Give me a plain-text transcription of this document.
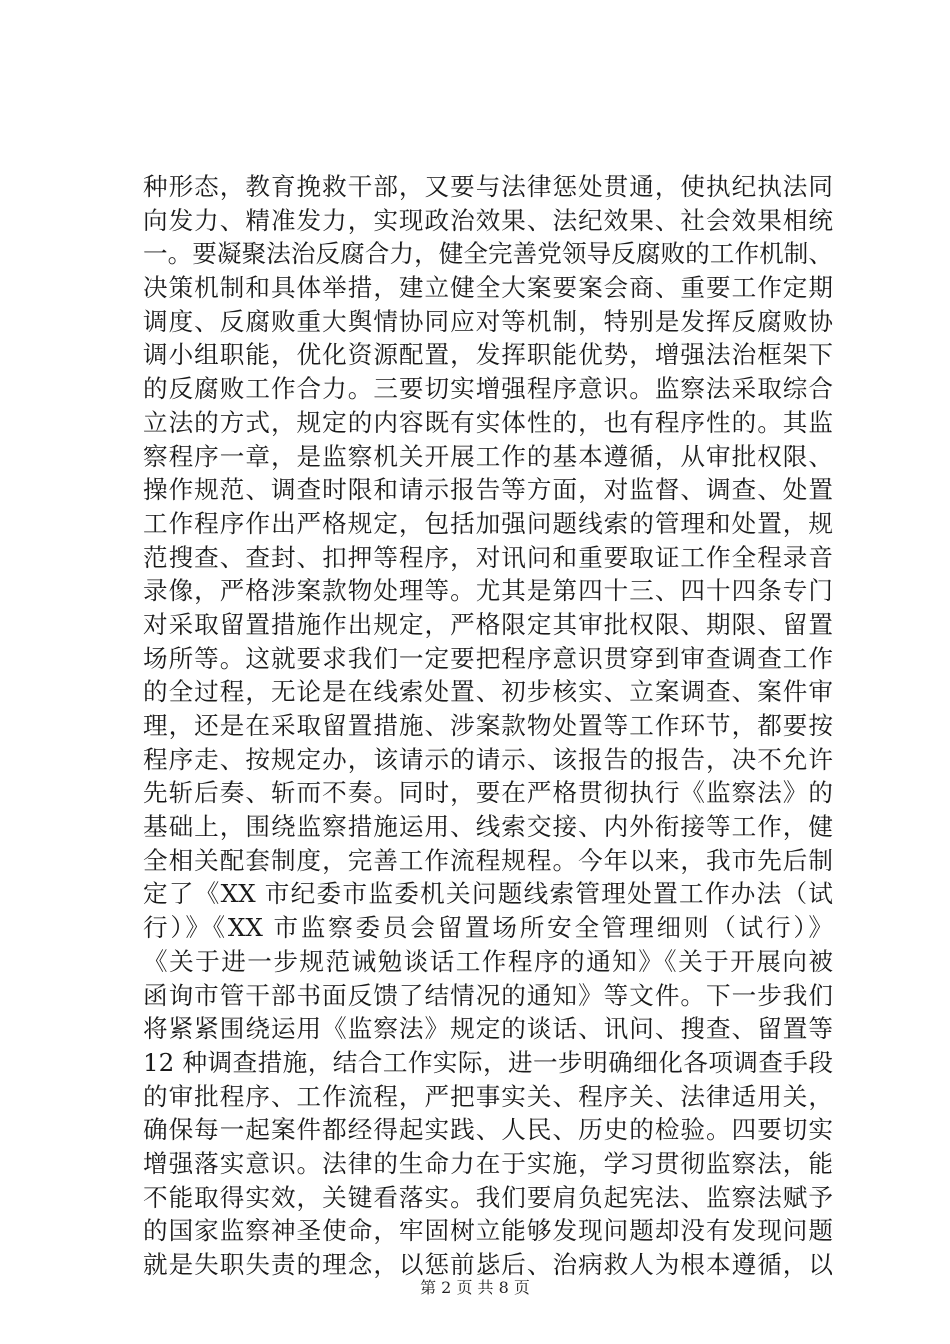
种形态，教育挽救干部，又要与法律惩处贯通，使执纪执法同
向发力、精准发力，实现政治效果、法纪效果、社会效果相统
一。要凝聚法治反腐合力，健全完善党领导反腐败的工作机制、
决策机制和具体举措，建立健全大案要案会商、重要工作定期
调度、反腐败重大舆情协同应对等机制，特别是发挥反腐败协
调小组职能，优化资源配置，发挥职能优势，增强法治框架下
的反腐败工作合力。三要切实增强程序意识。监察法采取综合
立法的方式，规定的内容既有实体性的，也有程序性的。其监
察程序一章，是监察机关开展工作的基本遵循，从审批权限、
操作规范、调查时限和请示报告等方面，对监督、调查、处置
工作程序作出严格规定，包括加强问题线索的管理和处置，规
范搜查、查封、扣押等程序，对讯问和重要取证工作全程录音
录像，严格涉案款物处理等。尤其是第四十三、四十四条专门
对采取留置措施作出规定，严格限定其审批权限、期限、留置
场所等。这就要求我们一定要把程序意识贯穿到审查调查工作
的全过程，无论是在线索处置、初步核实、立案调查、案件审
理，还是在采取留置措施、涉案款物处置等工作环节，都要按
程序走、按规定办，该请示的请示、该报告的报告，决不允许
先斩后奏、斩而不奏。同时，要在严格贯彻执行《监察法》的
基础上，围绕监察措施运用、线索交接、内外衔接等工作，健
全相关配套制度，完善工作流程规程。今年以来，我市先后制
定了《XX 市纪委市监委机关问题线索管理处置工作办法（试
行）》《XX 市监察委员会留置场所安全管理细则（试行）》
《关于进一步规范诫勉谈话工作程序的通知》《关于开展向被
函询市管干部书面反馈了结情况的通知》等文件。下一步我们
将紧紧围绕运用《监察法》规定的谈话、讯问、搜查、留置等
12 种调查措施，结合工作实际，进一步明确细化各项调查手段
的审批程序、工作流程，严把事实关、程序关、法律适用关，
确保每一起案件都经得起实践、人民、历史的检验。四要切实
增强落实意识。法律的生命力在于实施，学习贯彻监察法，能
不能取得实效，关键看落实。我们要肩负起宪法、监察法赋予
的国家监察神圣使命，牢固树立能够发现问题却没有发现问题
就是失职失责的理念，以惩前毖后、治病救人为根本遵循，以
第 2 页 共 8 页
